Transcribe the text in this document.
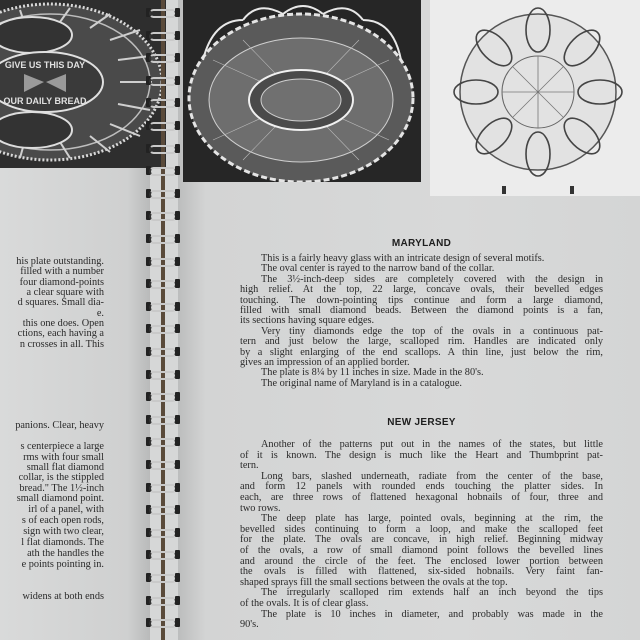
GIVE US THIS DAY
OUR DAILY BREAD
his plate outstanding.
filled with a number
four diamond-points
a clear square with
d squares. Small dia-
e.
this one does. Open
ctions, each having a
n crosses in all. This
panions. Clear, heavy
s centerpiece a large
rms with four small
small flat diamond
collar, is the stippled
bread." The 1½-inch
small diamond point.
irl of a panel, with
s of each open rods,
sign with two clear,
l flat diamonds. The
ath the handles the
e points pointing in.
widens at both ends
MARYLAND
This is a fairly heavy glass with an intricate design of several motifs.
The oval center is rayed to the narrow band of the collar.
The 3½-inch-deep sides are completely covered with the design in
high relief. At the top, 22 large, concave ovals, their bevelled edges
touching. The down-pointing tips continue and form a large diamond,
filled with small diamond beads. Between the diamond points is a fan,
its sections having square edges.
Very tiny diamonds edge the top of the ovals in a continuous pat-
tern and just below the large, scalloped rim. Handles are indicated only
by a slight enlarging of the end scallops. A thin line, just below the rim,
gives an impression of an applied border.
The plate is 8¼ by 11 inches in size. Made in the 80's.
The original name of Maryland is in a catalogue.
NEW JERSEY
Another of the patterns put out in the names of the states, but little
of it is known. The design is much like the Heart and Thumbprint pat-
tern.
Long bars, slashed underneath, radiate from the center of the base,
and form 12 panels with rounded ends touching the platter sides. In
each, are three rows of flattened hexagonal hobnails of four, three and
two rows.
The deep plate has large, pointed ovals, beginning at the rim, the
bevelled sides continuing to form a loop, and make the scalloped feet
for the plate. The ovals are concave, in high relief. Beginning midway
of the ovals, a row of small diamond point follows the bevelled lines
and around the circle of the feet. The enclosed lower portion between
the ovals is filled with flattened, six-sided hobnails. Very faint fan-
shaped sprays fill the small sections between the ovals at the top.
The irregularly scalloped rim extends half an inch beyond the tips
of the ovals. It is of clear glass.
The plate is 10 inches in diameter, and probably was made in the
90's.
